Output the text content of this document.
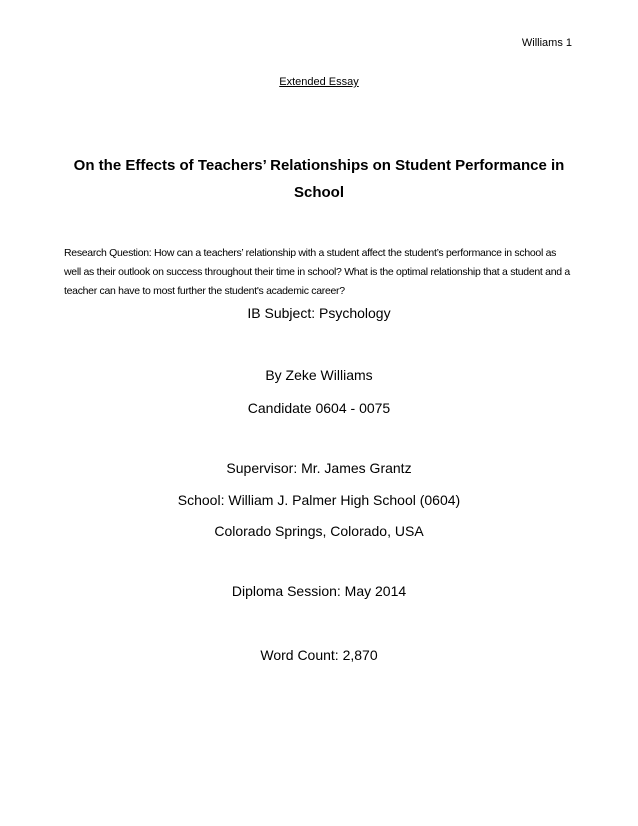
Williams 1
Extended Essay
On the Effects of Teachers’ Relationships on Student Performance in School
Research Question: How can a teachers’ relationship with a student affect the student’s performance in school as well as their outlook on success throughout their time in school? What is the optimal relationship that a student and a teacher can have to most further the student's academic career?
IB Subject: Psychology
By Zeke Williams
Candidate 0604 - 0075
Supervisor: Mr. James Grantz
School: William J. Palmer High School (0604)
Colorado Springs, Colorado, USA
Diploma Session: May 2014
Word Count: 2,870
